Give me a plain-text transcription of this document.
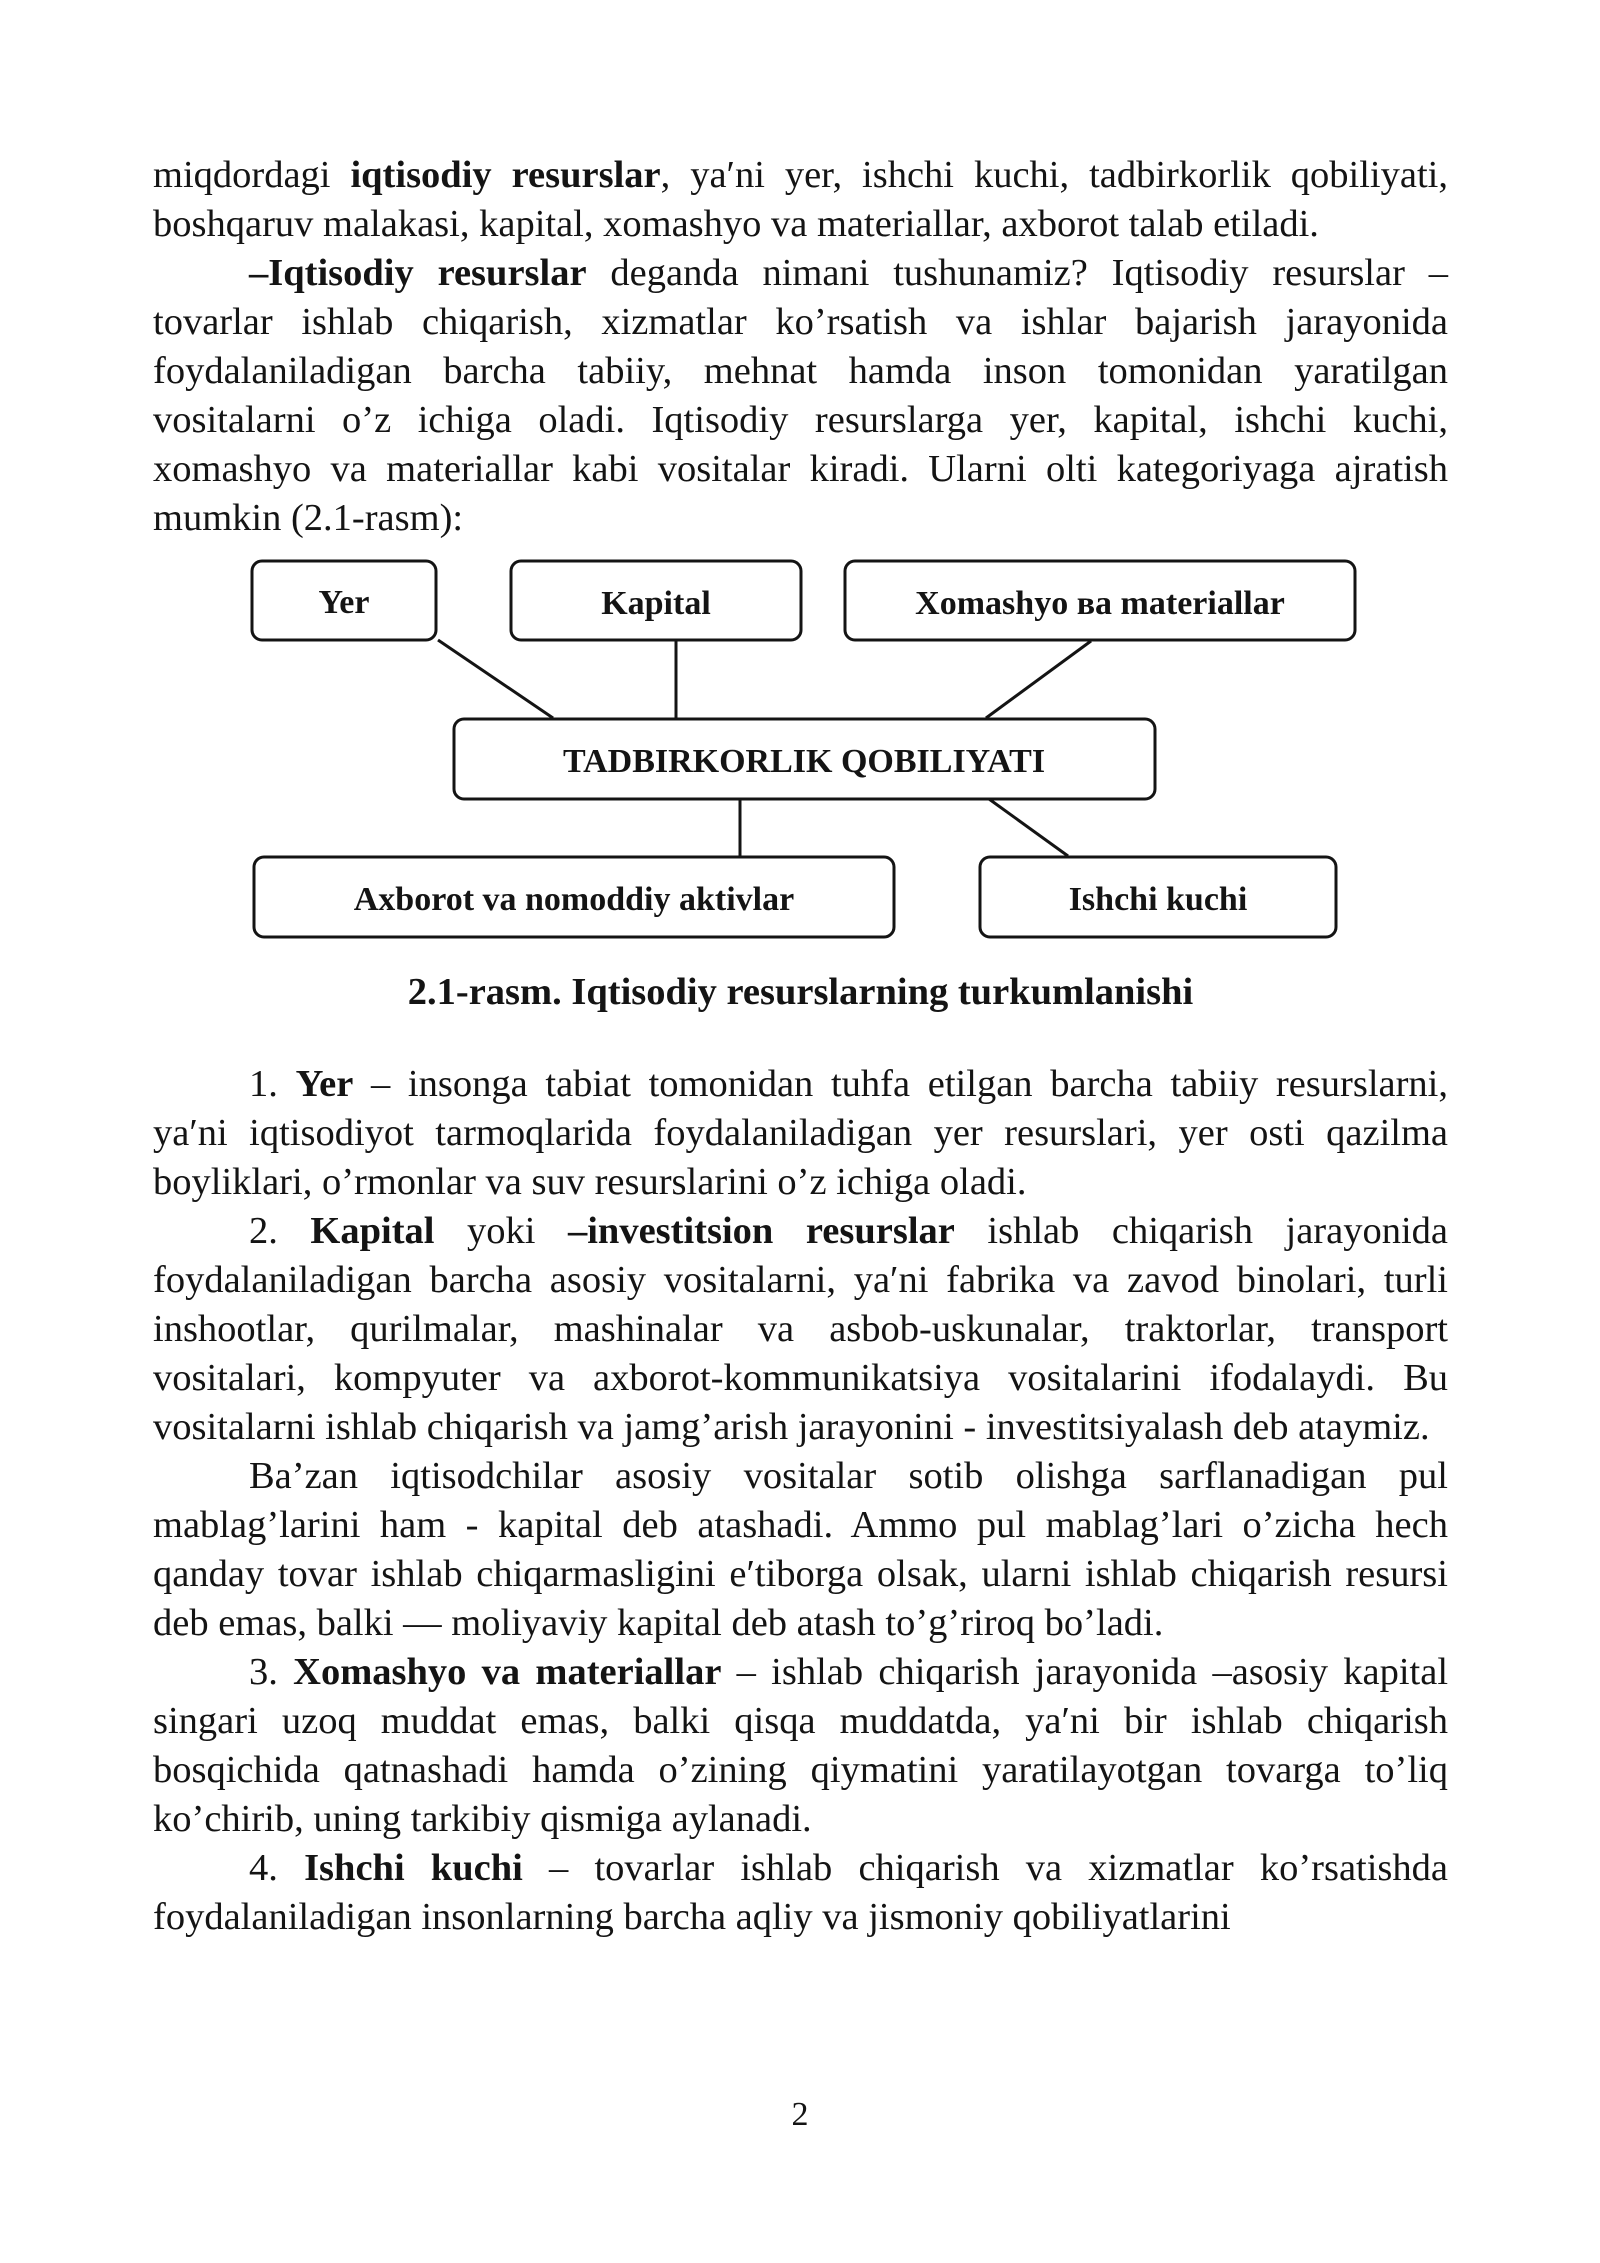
miqdordagi iqtisodiy resurslar, ya′ni yer, ishchi kuchi, tadbirkorlik qobiliyati, boshqaruv malakasi, kapital, xomashyo va materiallar, axborot talab etiladi.

–Iqtisodiy resurslar deganda nimani tushunamiz? Iqtisodiy resurslar – tovarlar ishlab chiqarish, xizmatlar ko’rsatish va ishlar bajarish jarayonida foydalaniladigan barcha tabiiy, mehnat hamda inson tomonidan yaratilgan vositalarni o’z ichiga oladi. Iqtisodiy resurslarga yer, kapital, ishchi kuchi, xomashyo va materiallar kabi vositalar kiradi. Ularni olti kategoriyaga ajratish mumkin (2.1-rasm):

Yer	Kapital	Xomashyo ва materiallar
TADBIRKORLIK QOBILIYATI
Axborot va nomoddiy aktivlar	Ishchi kuchi

2.1-rasm. Iqtisodiy resurslarning turkumlanishi

1. Yer – insonga tabiat tomonidan tuhfa etilgan barcha tabiiy resurslarni, ya′ni iqtisodiyot tarmoqlarida foydalaniladigan yer resurslari, yer osti qazilma boyliklari, o’rmonlar va suv resurslarini o’z ichiga oladi.

2. Kapital yoki –investitsion resurslar ishlab chiqarish jarayonida foydalaniladigan barcha asosiy vositalarni, ya′ni fabrika va zavod binolari, turli inshootlar, qurilmalar, mashinalar va asbob-uskunalar, traktorlar, transport vositalari, kompyuter va axborot-kommunikatsiya vositalarini ifodalaydi. Bu vositalarni ishlab chiqarish va jamg’arish jarayonini - investitsiyalash deb ataymiz.

Ba’zan iqtisodchilar asosiy vositalar sotib olishga sarflanadigan pul mablag’larini ham - kapital deb atashadi. Ammo pul mablag’lari o’zicha hech qanday tovar ishlab chiqarmasligini e′tiborga olsak, ularni ishlab chiqarish resursi deb emas, balki ― moliyaviy kapital deb atash to’g’riroq bo’ladi.

3. Xomashyo va materiallar – ishlab chiqarish jarayonida –asosiy kapital singari uzoq muddat emas, balki qisqa muddatda, ya′ni bir ishlab chiqarish bosqichida qatnashadi hamda o’zining qiymatini yaratilayotgan tovarga to’liq ko’chirib, uning tarkibiy qismiga aylanadi.

4. Ishchi kuchi – tovarlar ishlab chiqarish va xizmatlar ko’rsatishda foydalaniladigan insonlarning barcha aqliy va jismoniy qobiliyatlarini

2
